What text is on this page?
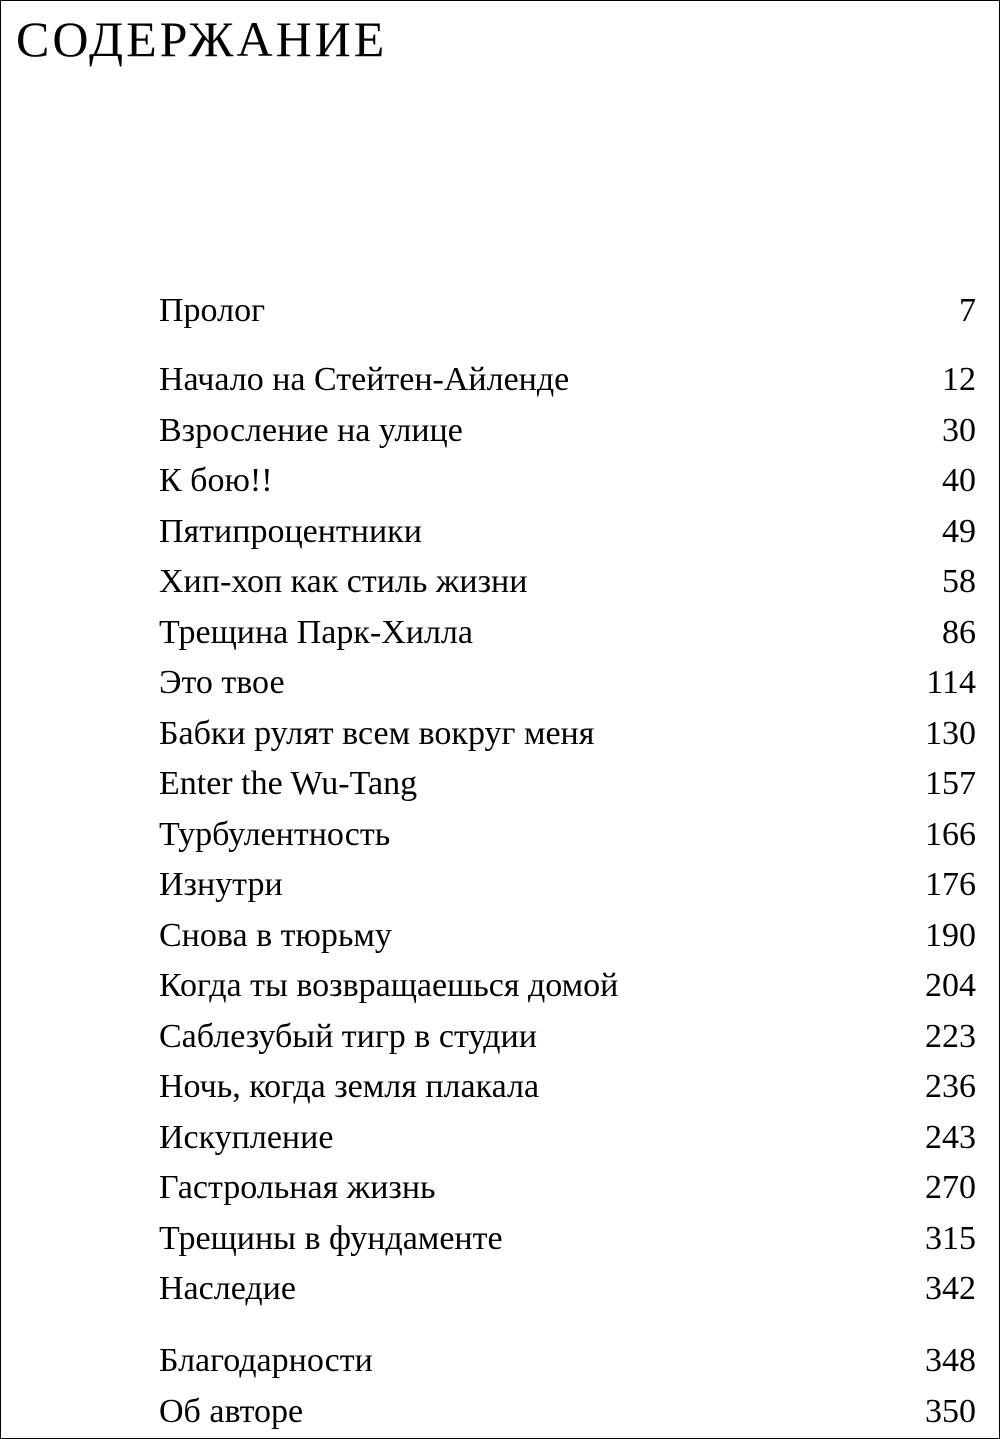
СОДЕРЖАНИЕ
Пролог	7
Начало на Стейтен-Айленде	12
Взросление на улице	30
К бою!!	40
Пятипроцентники	49
Хип-хоп как стиль жизни	58
Трещина Парк-Хилла	86
Это твое	114
Бабки рулят всем вокруг меня	130
Enter the Wu-Tang	157
Турбулентность	166
Изнутри	176
Снова в тюрьму	190
Когда ты возвращаешься домой	204
Саблезубый тигр в студии	223
Ночь, когда земля плакала	236
Искупление	243
Гастрольная жизнь	270
Трещины в фундаменте	315
Наследие	342
Благодарности	348
Об авторе	350
